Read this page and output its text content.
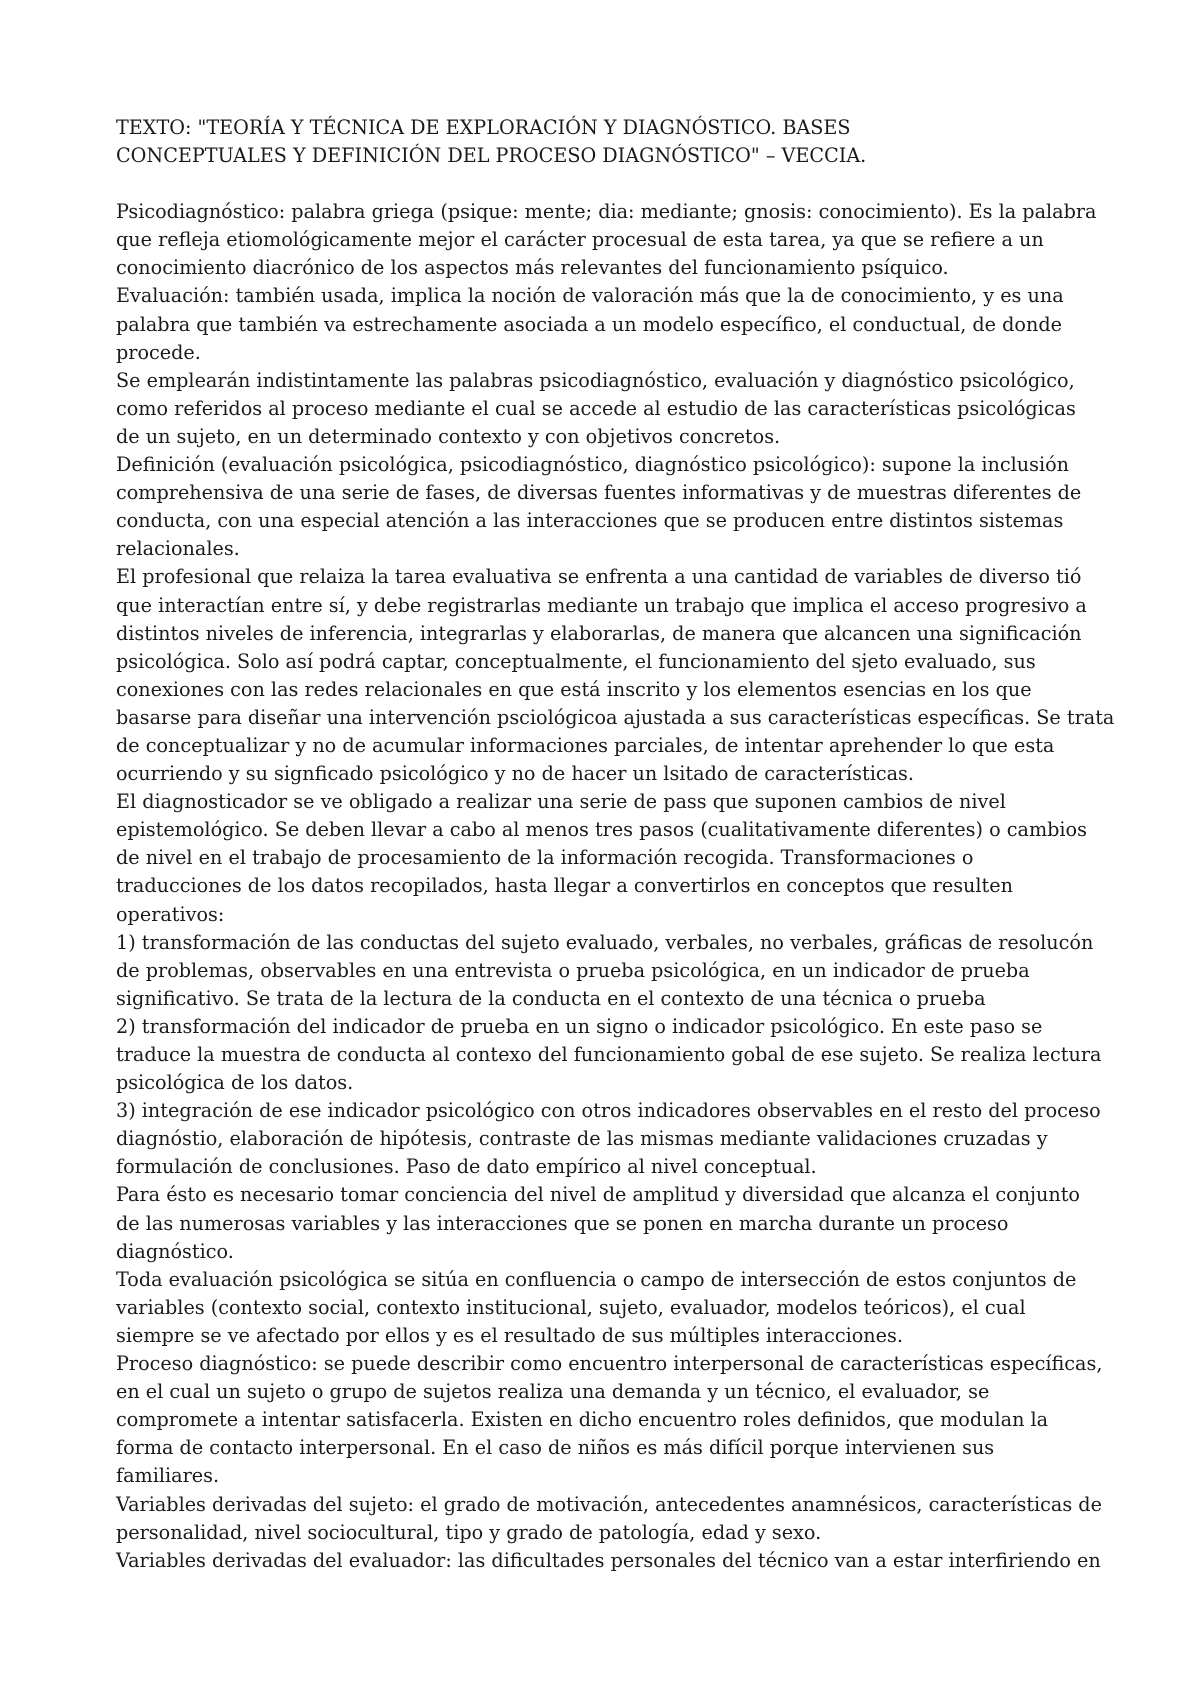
TEXTO: "TEORÍA Y TÉCNICA DE EXPLORACIÓN Y DIAGNÓSTICO. BASES
CONCEPTUALES Y DEFINICIÓN DEL PROCESO DIAGNÓSTICO" – VECCIA.

Psicodiagnóstico: palabra griega (psique: mente; dia: mediante; gnosis: conocimiento). Es la palabra
que refleja etiomológicamente mejor el carácter procesual de esta tarea, ya que se refiere a un
conocimiento diacrónico de los aspectos más relevantes del funcionamiento psíquico.

Evaluación: también usada, implica la noción de valoración más que la de conocimiento, y es una
palabra que también va estrechamente asociada a un modelo específico, el conductual, de donde
procede.

Se emplearán indistintamente las palabras psicodiagnóstico, evaluación y diagnóstico psicológico,
como referidos al proceso mediante el cual se accede al estudio de las características psicológicas
de un sujeto, en un determinado contexto y con objetivos concretos.

Definición (evaluación psicológica, psicodiagnóstico, diagnóstico psicológico): supone la inclusión
comprehensiva de una serie de fases, de diversas fuentes informativas y de muestras diferentes de
conducta, con una especial atención a las interacciones que se producen entre distintos sistemas
relacionales.

El profesional que relaiza la tarea evaluativa se enfrenta a una cantidad de variables de diverso tió
que interactían entre sí, y debe registrarlas mediante un trabajo que implica el acceso progresivo a
distintos niveles de inferencia, integrarlas y elaborarlas, de manera que alcancen una significación
psicológica. Solo así podrá captar, conceptualmente, el funcionamiento del sjeto evaluado, sus
conexiones con las redes relacionales en que está inscrito y los elementos esencias en los que
basarse para diseñar una intervención psciológicoa ajustada a sus características específicas. Se trata
de conceptualizar y no de acumular informaciones parciales, de intentar aprehender lo que esta
ocurriendo y su signficado psicológico y no de hacer un lsitado de características.

El diagnosticador se ve obligado a realizar una serie de pass que suponen cambios de nivel
epistemológico. Se deben llevar a cabo al menos tres pasos (cualitativamente diferentes) o cambios
de nivel en el trabajo de procesamiento de la información recogida. Transformaciones o
traducciones de los datos recopilados, hasta llegar a convertirlos en conceptos que resulten
operativos:

1) transformación de las conductas del sujeto evaluado, verbales, no verbales, gráficas de resolucón
de problemas, observables en una entrevista o prueba psicológica, en un indicador de prueba
significativo. Se trata de la lectura de la conducta en el contexto de una técnica o prueba

2) transformación del indicador de prueba en un signo o indicador psicológico. En este paso se
traduce la muestra de conducta al contexo del funcionamiento gobal de ese sujeto. Se realiza lectura
psicológica de los datos.

3) integración de ese indicador psicológico con otros indicadores observables en el resto del proceso
diagnóstio, elaboración de hipótesis, contraste de las mismas mediante validaciones cruzadas y
formulación de conclusiones. Paso de dato empírico al nivel conceptual.

Para ésto es necesario tomar conciencia del nivel de amplitud y diversidad que alcanza el conjunto
de las numerosas variables y las interacciones que se ponen en marcha durante un proceso
diagnóstico.

Toda evaluación psicológica se sitúa en confluencia o campo de intersección de estos conjuntos de
variables (contexto social, contexto institucional, sujeto, evaluador, modelos teóricos), el cual
siempre se ve afectado por ellos y es el resultado de sus múltiples interacciones.

Proceso diagnóstico: se puede describir como encuentro interpersonal de características específicas,
en el cual un sujeto o grupo de sujetos realiza una demanda y un técnico, el evaluador, se
compromete a intentar satisfacerla. Existen en dicho encuentro roles definidos, que modulan la
forma de contacto interpersonal. En el caso de niños es más difícil porque intervienen sus
familiares.

Variables derivadas del sujeto: el grado de motivación, antecedentes anamnésicos, características de
personalidad, nivel sociocultural, tipo y grado de patología, edad y sexo.

Variables derivadas del evaluador: las dificultades personales del técnico van a estar interfiriendo en
